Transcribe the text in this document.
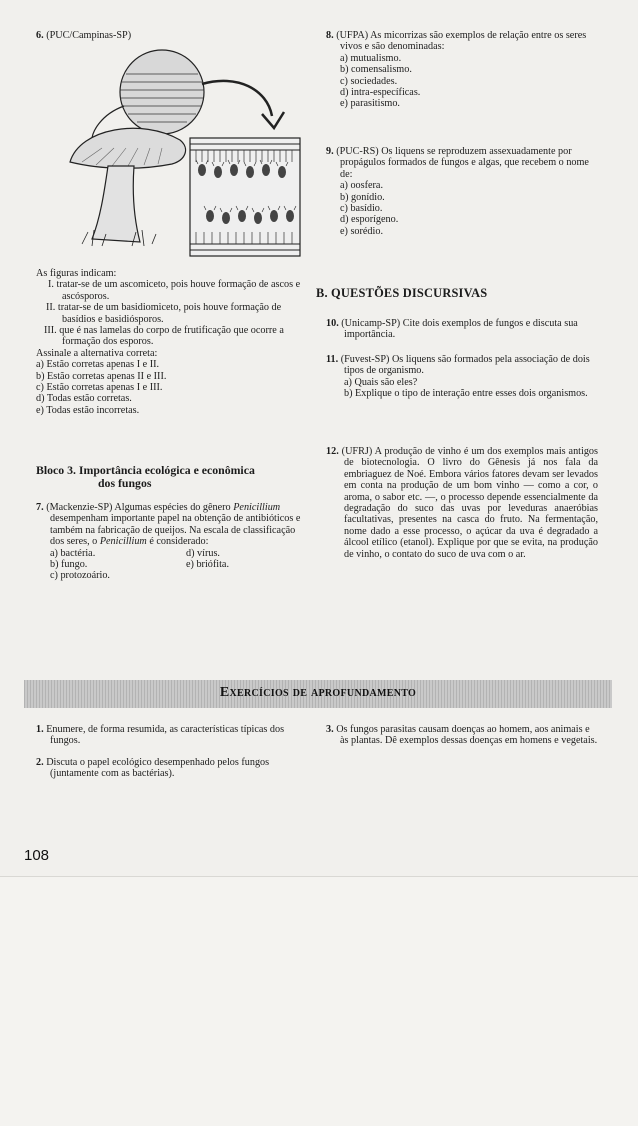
6. (PUC/Campinas-SP)
As figuras indicam:
I. tratar-se de um ascomiceto, pois houve formação de ascos e ascósporos.
II. tratar-se de um basidiomiceto, pois houve formação de basídios e basidiósporos.
III. que é nas lamelas do corpo de frutificação que ocorre a formação dos esporos.
Assinale a alternativa correta:
a) Estão corretas apenas I e II.
b) Estão corretas apenas II e III.
c) Estão corretas apenas I e III.
d) Todas estão corretas.
e) Todas estão incorretas.
Bloco 3. Importância ecológica e econômica
dos fungos
7. (Mackenzie-SP) Algumas espécies do gênero Penicillium desempenham importante papel na obtenção de antibióticos e também na fabricação de queijos. Na escala de classificação dos seres, o Penicillium é considerado:
a) bactéria.
b) fungo.
c) protozoário.
d) vírus.
e) briófita.
8. (UFPA) As micorrizas são exemplos de relação entre os seres vivos e são denominadas:
a) mutualismo.
b) comensalismo.
c) sociedades.
d) intra-específicas.
e) parasitismo.
9. (PUC-RS) Os liquens se reproduzem assexuadamente por propágulos formados de fungos e algas, que recebem o nome de:
a) oosfera.
b) gonídio.
c) basídio.
d) esporígeno.
e) sorédio.
B. QUESTÕES DISCURSIVAS
10. (Unicamp-SP) Cite dois exemplos de fungos e discuta sua importância.
11. (Fuvest-SP) Os liquens são formados pela associação de dois tipos de organismo.
a) Quais são eles?
b) Explique o tipo de interação entre esses dois organismos.
12. (UFRJ) A produção de vinho é um dos exemplos mais antigos de biotecnologia. O livro do Gênesis já nos fala da embriaguez de Noé. Embora vários fatores devam ser levados em conta na produção de um bom vinho — como a cor, o aroma, o sabor etc. —, o processo depende essencialmente da degradação do suco das uvas por leveduras anaeróbias facultativas, presentes na casca do fruto. Na fermentação, nome dado a esse processo, o açúcar da uva é degradado a álcool etílico (etanol). Explique por que se evita, na produção de vinho, o contato do suco de uva com o ar.
Exercícios de aprofundamento
1. Enumere, de forma resumida, as características típicas dos fungos.
2. Discuta o papel ecológico desempenhado pelos fungos (juntamente com as bactérias).
3. Os fungos parasitas causam doenças ao homem, aos animais e às plantas. Dê exemplos dessas doenças em homens e vegetais.
108
